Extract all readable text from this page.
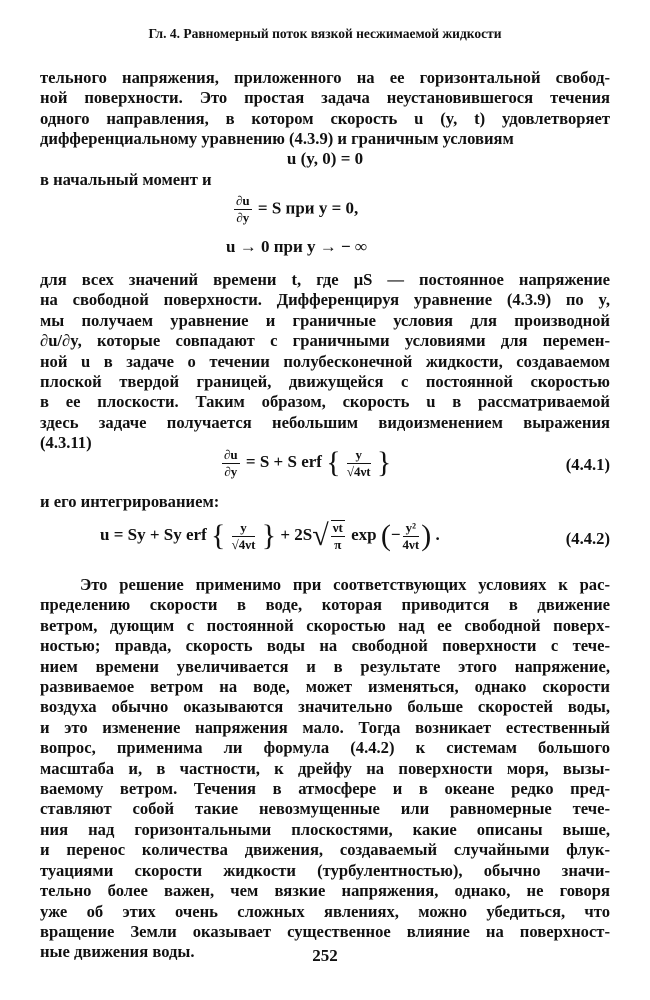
Гл. 4. Равномерный поток вязкой несжимаемой жидкости
тельного напряжения, приложенного на ее горизонтальной свобод-
ной поверхности. Это простая задача неустановившегося течения
одного направления, в котором скорость u (y, t) удовлетворяет
дифференциальному уравнению (4.3.9) и граничным условиям
u (y, 0) = 0
в начальный момент и
$\frac{\partial u}{\partial y} = S$ при y = 0,
u → 0 при y → − ∞
для всех значений времени t, где μS — постоянное напряжение
на свободной поверхности. Дифференцируя уравнение (4.3.9) по y,
мы получаем уравнение и граничные условия для производной
∂u/∂y, которые совпадают с граничными условиями для перемен-
ной u в задаче о течении полубесконечной жидкости, создаваемом
плоской твердой границей, движущейся с постоянной скоростью
в ее плоскости. Таким образом, скорость u в рассматриваемой
здесь задаче получается небольшим видоизменением выражения
(4.3.11)
$\frac{\partial u}{\partial y} = S + S$ erf { $\frac{y}{√4\nu t}$ }	(4.4.1)
и его интегрированием:
u = Sy + Sy erf { $\frac{y}{√4\nu t}$ } + $2S√ \frac{\nu t}{\pi}$ exp (− $\frac{\text{y²}}{4\nu t}$ ) .	(4.4.2)
Это решение применимо при соответствующих условиях к рас-
пределению скорости в воде, которая приводится в движение
ветром, дующим с постоянной скоростью над ее свободной поверх-
ностью; правда, скорость воды на свободной поверхности с тече-
нием времени увеличивается и в результате этого напряжение,
развиваемое ветром на воде, может изменяться, однако скорости
воздуха обычно оказываются значительно больше скоростей воды,
и это изменение напряжения мало. Тогда возникает естественный
вопрос, применима ли формула (4.4.2) к системам большого
масштаба и, в частности, к дрейфу на поверхности моря, вызы-
ваемому ветром. Течения в атмосфере и в океане редко пред-
ставляют собой такие невозмущенные или равномерные тече-
ния над горизонтальными плоскостями, какие описаны выше,
и перенос количества движения, создаваемый случайными флук-
туациями скорости жидкости (турбулентностью), обычно значи-
тельно более важен, чем вязкие напряжения, однако, не говоря
уже об этих очень сложных явлениях, можно убедиться, что
вращение Земли оказывает существенное влияние на поверхност-
ные движения воды.	252
